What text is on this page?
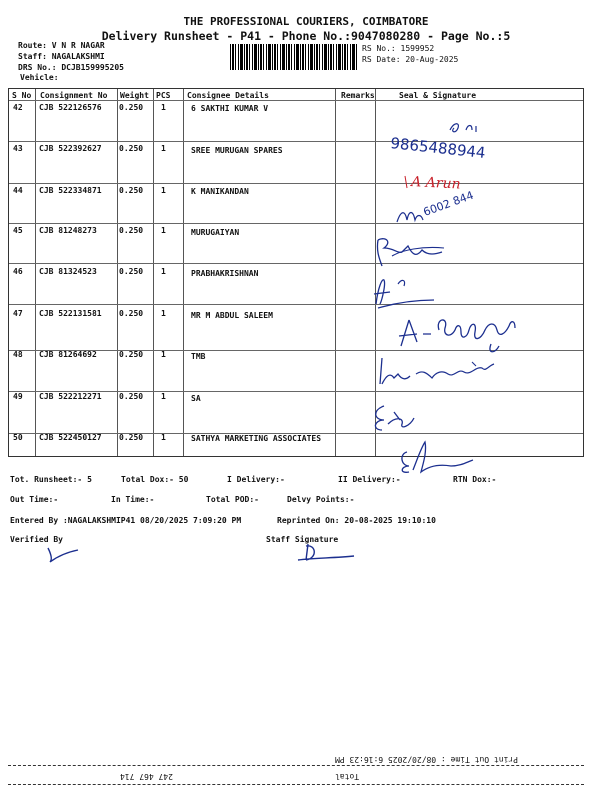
THE PROFESSIONAL COURIERS, COIMBATORE
Delivery Runsheet - P41 - Phone No.:9047080280 - Page No.:5
Route: V N R NAGAR
Staff: NAGALAKSHMI
DRS No.: DCJB159995205
Vehicle:
RS No.: 1599952
RS Date: 20-Aug-2025
S No Consignment No Weight PCS Consignee Details	Remarks	Seal & Signature
42 CJB 522126576 0.250 1	6 SAKTHI KUMAR V
43 CJB 522392627 0.250 1	SREE MURUGAN SPARES
44 CJB 522334871 0.250 1	K MANIKANDAN
45 CJB 81248273	0.250 1	MURUGAIYAN
46 CJB 81324523	0.250 1	PRABHAKRISHNAN
47 CJB 522131581 0.250 1	MR M ABDUL SALEEM
48 CJB 81264692	0.250 1	TMB
49 CJB 522212271 0.250 1	SA
50 CJB 522450127 0.250 1	SATHYA MARKETING ASSOCIATES
9865488944
A Arun
6002 844
Tot. Runsheet:- 5	Total Dox:- 50	I Delivery:-	II Delivery:-	RTN Dox:-
Out Time:-	In Time:-	Total POD:-	Delvy Points:-
Entered By :NAGALAKSHMIP41 08/20/2025 7:09:20 PM	Reprinted On: 20-08-2025 19:10:10
Verified By	Staff Signature
Print Out Time : 08/20/2025 6:16:23 PM
Total
247 467 714
